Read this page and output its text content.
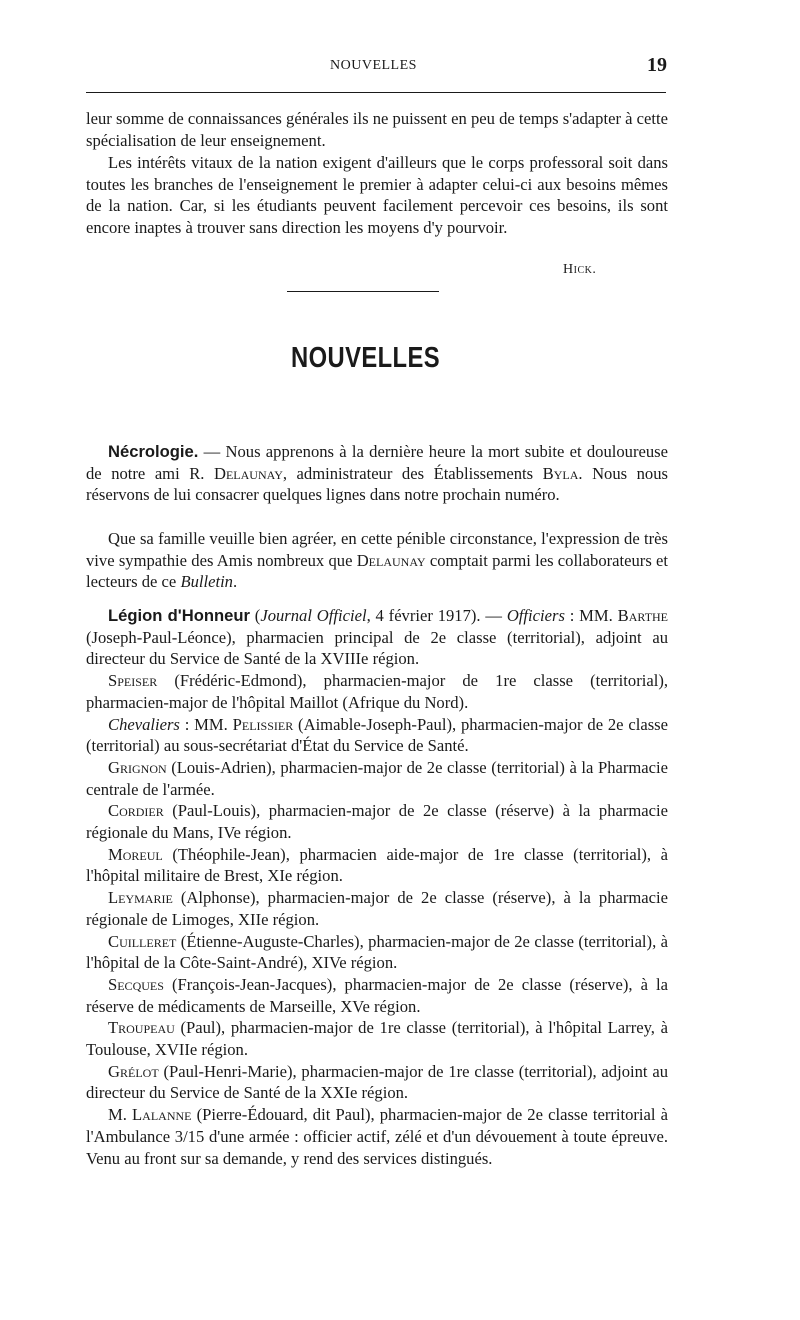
NOUVELLES	19

leur somme de connaissances générales ils ne puissent en peu de temps s'adapter à cette spécialisation de leur enseignement.

Les intérêts vitaux de la nation exigent d'ailleurs que le corps professoral soit dans toutes les branches de l'enseignement le premier à adapter celui-ci aux besoins mêmes de la nation. Car, si les étudiants peuvent facilement percevoir ces besoins, ils sont encore inaptes à trouver sans direction les moyens d'y pourvoir.

Hick.
NOUVELLES

Nécrologie. — Nous apprenons à la dernière heure la mort subite et douloureuse de notre ami R. Delaunay, administrateur des Établissements Byla. Nous nous réservons de lui consacrer quelques lignes dans notre prochain numéro.

Que sa famille veuille bien agréer, en cette pénible circonstance, l'expression de très vive sympathie des Amis nombreux que Delaunay comptait parmi les collaborateurs et lecteurs de ce Bulletin.

Légion d'Honneur (Journal Officiel, 4 février 1917). — Officiers : MM. Barthe (Joseph-Paul-Léonce), pharmacien principal de 2e classe (territorial), adjoint au directeur du Service de Santé de la XVIIIe région.

Speiser (Frédéric-Edmond), pharmacien-major de 1re classe (territorial), pharmacien-major de l'hôpital Maillot (Afrique du Nord).

Chevaliers : MM. Pelissier (Aimable-Joseph-Paul), pharmacien-major de 2e classe (territorial) au sous-secrétariat d'État du Service de Santé.

Grignon (Louis-Adrien), pharmacien-major de 2e classe (territorial) à la Pharmacie centrale de l'armée.

Cordier (Paul-Louis), pharmacien-major de 2e classe (réserve) à la pharmacie régionale du Mans, IVe région.

Moreul (Théophile-Jean), pharmacien aide-major de 1re classe (territorial), à l'hôpital militaire de Brest, XIe région.

Leymarie (Alphonse), pharmacien-major de 2e classe (réserve), à la pharmacie régionale de Limoges, XIIe région.

Cuilleret (Étienne-Auguste-Charles), pharmacien-major de 2e classe (territorial), à l'hôpital de la Côte-Saint-André), XIVe région.

Secques (François-Jean-Jacques), pharmacien-major de 2e classe (réserve), à la réserve de médicaments de Marseille, XVe région.

Troupeau (Paul), pharmacien-major de 1re classe (territorial), à l'hôpital Larrey, à Toulouse, XVIIe région.

Grélot (Paul-Henri-Marie), pharmacien-major de 1re classe (territorial), adjoint au directeur du Service de Santé de la XXIe région.

M. Lalanne (Pierre-Édouard, dit Paul), pharmacien-major de 2e classe territorial à l'Ambulance 3/15 d'une armée : officier actif, zélé et d'un dévouement à toute épreuve. Venu au front sur sa demande, y rend des services distingués.
